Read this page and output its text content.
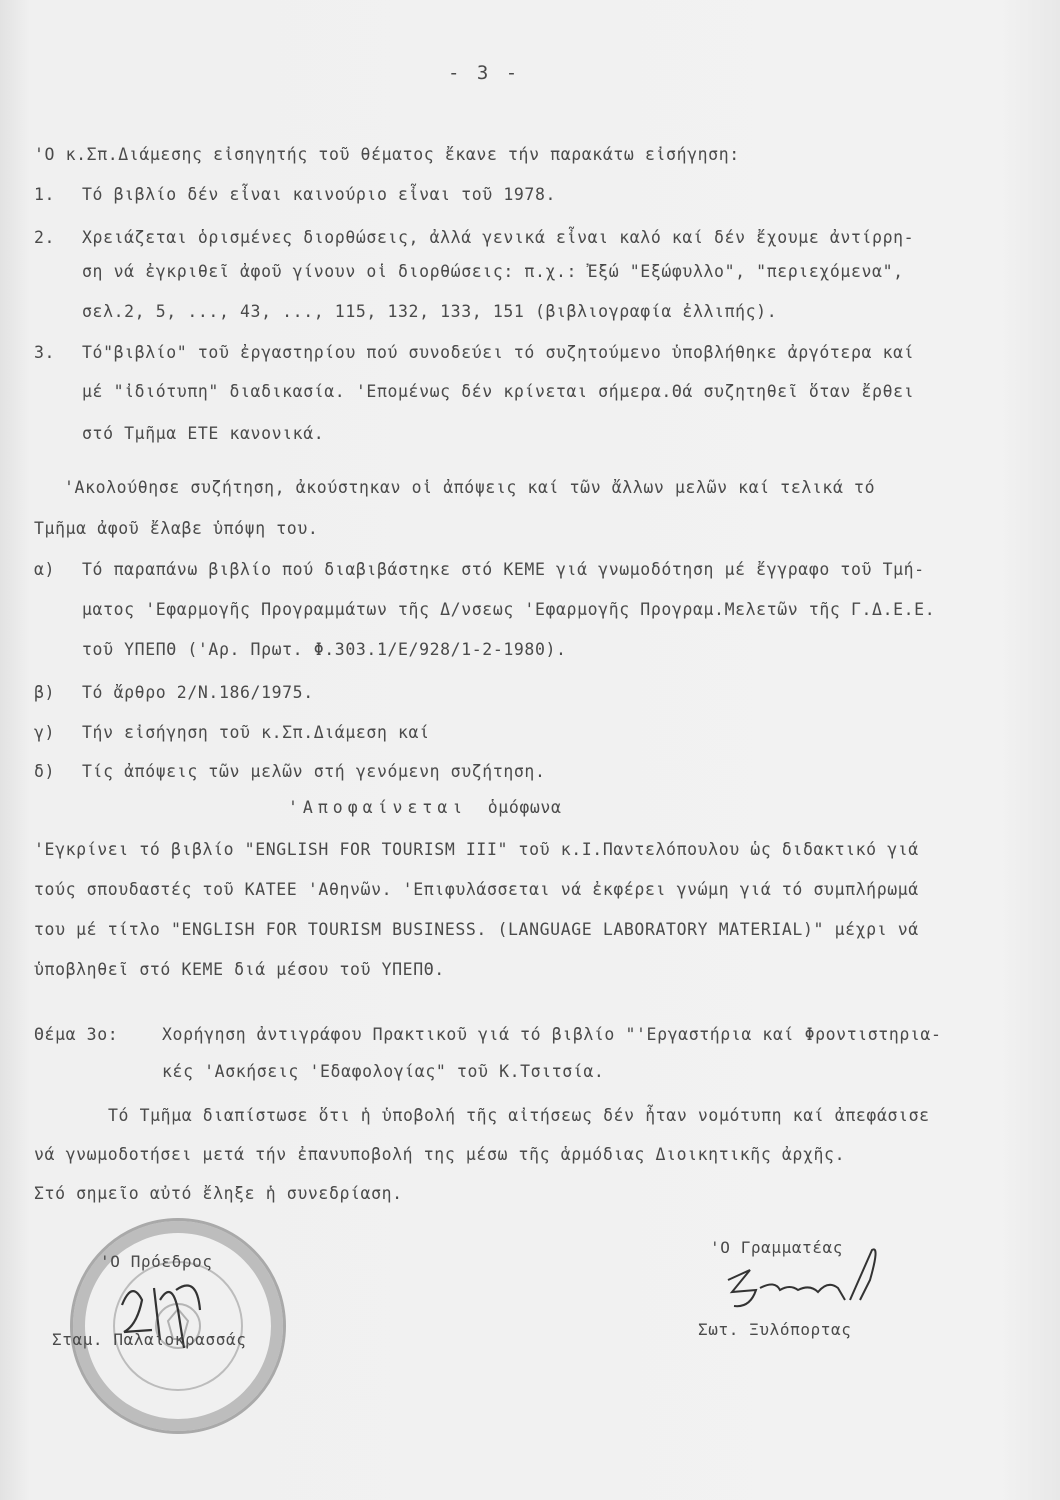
- 3 -
'Ο κ.Σπ.Διάμεσης εἰσηγητής τοῦ θέματος ἔκανε τήν παρακάτω εἰσήγηση:
1. Τό βιβλίο δέν εἶναι καινούριο εἶναι τοῦ 1978.
2. Χρειάζεται ὁρισμένες διορθώσεις, ἀλλά γενικά εἶναι καλό καί δέν ἔχουμε ἀντίρρη-
ση νά ἐγκριθεῖ ἀφοῦ γίνουν οἱ διορθώσεις: π.χ.: Ἐξώ "Εξώφυλλο", "περιεχόμενα",
σελ.2, 5, ..., 43, ..., 115, 132, 133, 151 (βιβλιογραφία ἐλλιπής).
3. Τό"βιβλίο" τοῦ ἐργαστηρίου πού συνοδεύει τό συζητούμενο ὑποβλήθηκε ἀργότερα καί
μέ "ἰδιότυπη" διαδικασία. 'Επομένως δέν κρίνεται σήμερα.Θά συζητηθεῖ ὅταν ἔρθει
στό Τμῆμα ΕΤΕ κανονικά.
'Ακολούθησε συζήτηση, ἀκούστηκαν οἱ ἀπόψεις καί τῶν ἄλλων μελῶν καί τελικά τό
Τμῆμα ἀφοῦ ἔλαβε ὑπόψη του.
α) Τό παραπάνω βιβλίο πού διαβιβάστηκε στό ΚΕΜΕ γιά γνωμοδότηση μέ ἔγγραφο τοῦ Τμή-
ματος 'Εφαρμογῆς Προγραμμάτων τῆς Δ/νσεως 'Εφαρμογῆς Προγραμ.Μελετῶν τῆς Γ.Δ.Ε.Ε.
τοῦ ΥΠΕΠΘ ('Αρ. Πρωτ. Φ.303.1/Ε/928/1-2-1980).
β) Τό ἄρθρο 2/Ν.186/1975.
γ) Τήν εἰσήγηση τοῦ κ.Σπ.Διάμεση καί
δ) Τίς ἀπόψεις τῶν μελῶν στή γενόμενη συζήτηση.
'Αποφαίνεται ὁμόφωνα
'Εγκρίνει τό βιβλίο "ENGLISH FOR TOURISM III" τοῦ κ.Ι.Παντελόπουλου ὡς διδακτικό γιά
τούς σπουδαστές τοῦ ΚΑΤΕΕ 'Αθηνῶν. 'Επιφυλάσσεται νά ἐκφέρει γνώμη γιά τό συμπλήρωμά
του μέ τίτλο "ENGLISH FOR TOURISM BUSINESS. (LANGUAGE LABORATORY MATERIAL)" μέχρι νά
ὑποβληθεῖ στό ΚΕΜΕ διά μέσου τοῦ ΥΠΕΠΘ.
Θέμα 3ο:	Χορήγηση ἀντιγράφου Πρακτικοῦ γιά τό βιβλίο "'Εργαστήρια καί Φροντιστηρια-
κές 'Ασκήσεις 'Εδαφολογίας" τοῦ Κ.Τσιτσία.
Τό Τμῆμα διαπίστωσε ὅτι ἡ ὑποβολή τῆς αἰτήσεως δέν ἦταν νομότυπη καί ἀπεφάσισε
νά γνωμοδοτήσει μετά τήν ἐπανυποβολή της μέσω τῆς ἁρμόδιας Διοικητικῆς ἀρχῆς.
Στό σημεῖο αὐτό ἔληξε ἡ συνεδρίαση.
'Ο Πρόεδρος
Σταμ. Παλαιοκρασσάς
'Ο Γραμματέας
Σωτ. Ξυλόπορτας
